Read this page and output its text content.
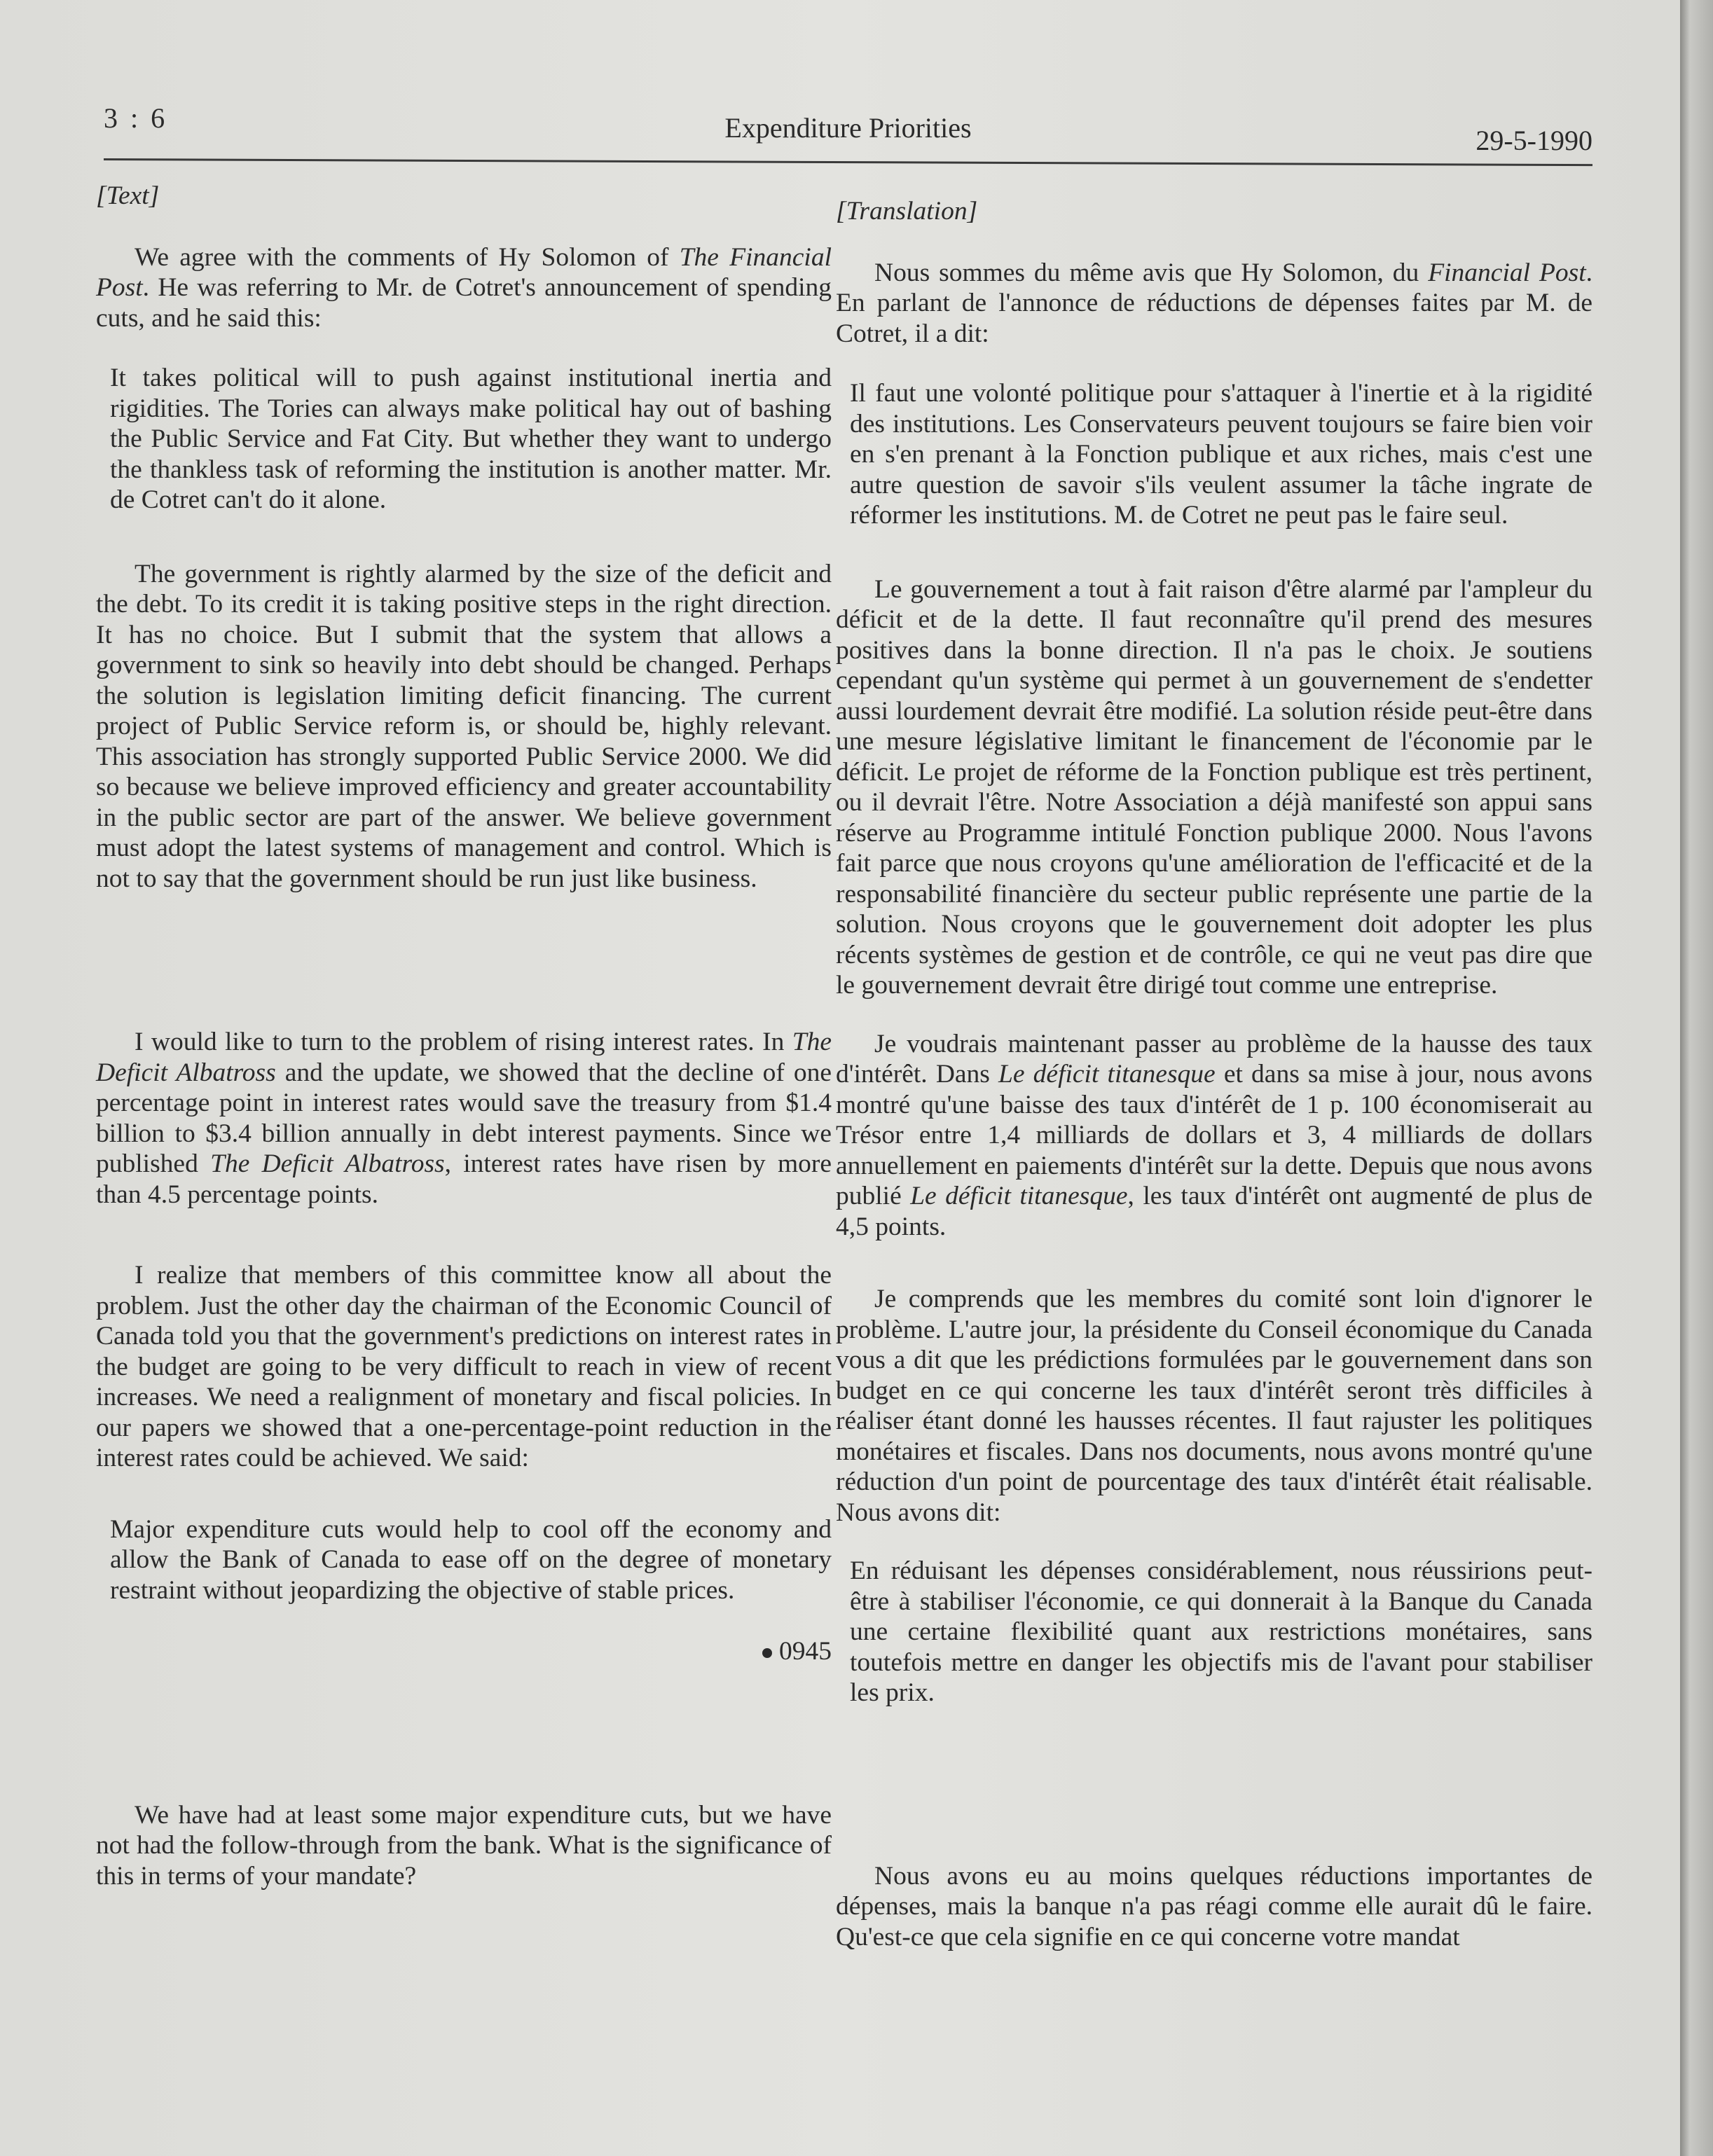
3 : 6	Expenditure Priorities	29-5-1990

[Text]

We agree with the comments of Hy Solomon of The Financial Post. He was referring to Mr. de Cotret's announcement of spending cuts, and he said this:

It takes political will to push against institutional inertia and rigidities. The Tories can always make political hay out of bashing the Public Service and Fat City. But whether they want to undergo the thankless task of reforming the institution is another matter. Mr. de Cotret can't do it alone.

The government is rightly alarmed by the size of the deficit and the debt. To its credit it is taking positive steps in the right direction. It has no choice. But I submit that the system that allows a government to sink so heavily into debt should be changed. Perhaps the solution is legislation limiting deficit financing. The current project of Public Service reform is, or should be, highly relevant. This association has strongly supported Public Service 2000. We did so because we believe improved efficiency and greater accountability in the public sector are part of the answer. We believe government must adopt the latest systems of management and control. Which is not to say that the government should be run just like business.

I would like to turn to the problem of rising interest rates. In The Deficit Albatross and the update, we showed that the decline of one percentage point in interest rates would save the treasury from $1.4 billion to $3.4 billion annually in debt interest payments. Since we published The Deficit Albatross, interest rates have risen by more than 4.5 percentage points.

I realize that members of this committee know all about the problem. Just the other day the chairman of the Economic Council of Canada told you that the government's predictions on interest rates in the budget are going to be very difficult to reach in view of recent increases. We need a realignment of monetary and fiscal policies. In our papers we showed that a one-percentage-point reduction in the interest rates could be achieved. We said:

Major expenditure cuts would help to cool off the economy and allow the Bank of Canada to ease off on the degree of monetary restraint without jeopardizing the objective of stable prices.

0945

We have had at least some major expenditure cuts, but we have not had the follow-through from the bank. What is the significance of this in terms of your mandate?

[Translation]

Nous sommes du même avis que Hy Solomon, du Financial Post. En parlant de l'annonce de réductions de dépenses faites par M. de Cotret, il a dit:

Il faut une volonté politique pour s'attaquer à l'inertie et à la rigidité des institutions. Les Conservateurs peuvent toujours se faire bien voir en s'en prenant à la Fonction publique et aux riches, mais c'est une autre question de savoir s'ils veulent assumer la tâche ingrate de réformer les institutions. M. de Cotret ne peut pas le faire seul.

Le gouvernement a tout à fait raison d'être alarmé par l'ampleur du déficit et de la dette. Il faut reconnaître qu'il prend des mesures positives dans la bonne direction. Il n'a pas le choix. Je soutiens cependant qu'un système qui permet à un gouvernement de s'endetter aussi lourdement devrait être modifié. La solution réside peut-être dans une mesure législative limitant le financement de l'économie par le déficit. Le projet de réforme de la Fonction publique est très pertinent, ou il devrait l'être. Notre Association a déjà manifesté son appui sans réserve au Programme intitulé Fonction publique 2000. Nous l'avons fait parce que nous croyons qu'une amélioration de l'efficacité et de la responsabilité financière du secteur public représente une partie de la solution. Nous croyons que le gouvernement doit adopter les plus récents systèmes de gestion et de contrôle, ce qui ne veut pas dire que le gouvernement devrait être dirigé tout comme une entreprise.

Je voudrais maintenant passer au problème de la hausse des taux d'intérêt. Dans Le déficit titanesque et dans sa mise à jour, nous avons montré qu'une baisse des taux d'intérêt de 1 p. 100 économiserait au Trésor entre 1,4 milliards de dollars et 3, 4 milliards de dollars annuellement en paiements d'intérêt sur la dette. Depuis que nous avons publié Le déficit titanesque, les taux d'intérêt ont augmenté de plus de 4,5 points.

Je comprends que les membres du comité sont loin d'ignorer le problème. L'autre jour, la présidente du Conseil économique du Canada vous a dit que les prédictions formulées par le gouvernement dans son budget en ce qui concerne les taux d'intérêt seront très difficiles à réaliser étant donné les hausses récentes. Il faut rajuster les politiques monétaires et fiscales. Dans nos documents, nous avons montré qu'une réduction d'un point de pourcentage des taux d'intérêt était réalisable. Nous avons dit:

En réduisant les dépenses considérablement, nous réussirions peut-être à stabiliser l'économie, ce qui donnerait à la Banque du Canada une certaine flexibilité quant aux restrictions monétaires, sans toutefois mettre en danger les objectifs mis de l'avant pour stabiliser les prix.

Nous avons eu au moins quelques réductions importantes de dépenses, mais la banque n'a pas réagi comme elle aurait dû le faire. Qu'est-ce que cela signifie en ce qui concerne votre mandat
